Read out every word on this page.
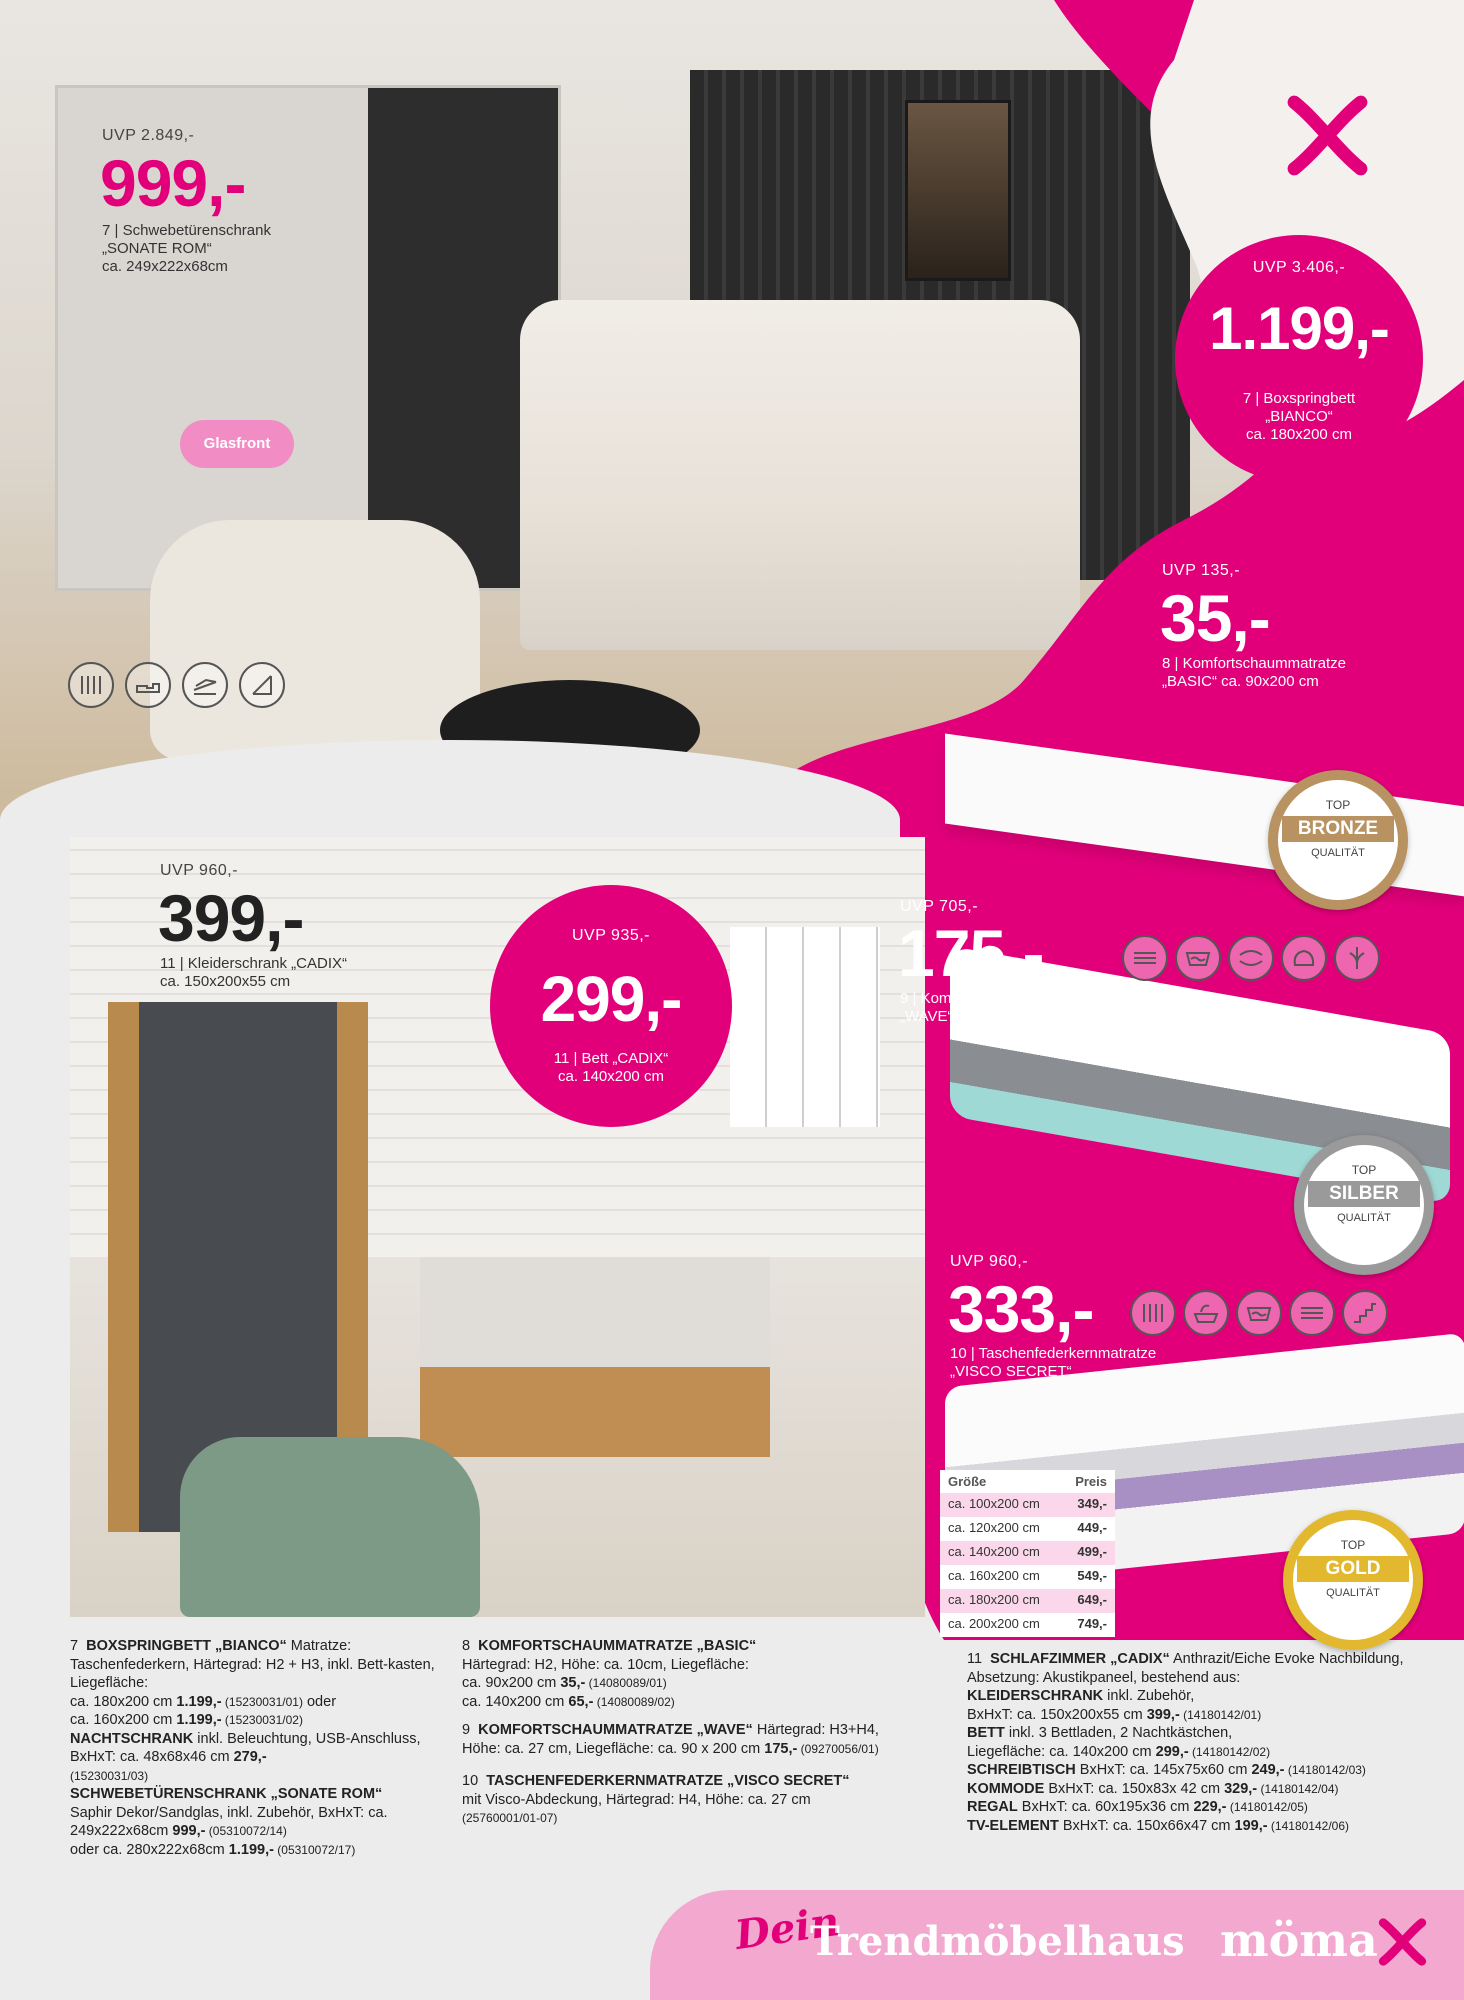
UVP 2.849,-
999,-
7 | Schwebetürenschrank
„SONATE ROM“
ca. 249x222x68cm
Glasfront
UVP 3.406,-
1.199,-
7 | Boxspringbett
„BIANCO“
ca. 180x200 cm
UVP 135,-
35,-
8 | Komfortschaummatratze
„BASIC“ ca. 90x200 cm
UVP 960,-
399,-
11 | Kleiderschrank „CADIX“
ca. 150x200x55 cm
UVP 935,-
299,-
11 | Bett „CADIX“
ca. 140x200 cm
TOP
BRONZE
QUALITÄT
UVP 705,-
175,-
9 | Komfortschaummatratze
„WAVE“ ca. 90x200 cm
TOP
SILBER
QUALITÄT
UVP 960,-
333,-
10 | Taschenfederkernmatratze
„VISCO SECRET“
Größe	Preis
ca. 100x200 cm	349,-
ca. 120x200 cm	449,-
ca. 140x200 cm	499,-
ca. 160x200 cm	549,-
ca. 180x200 cm	649,-
ca. 200x200 cm	749,-
TOP
GOLD
QUALITÄT
7 BOXSPRINGBETT „BIANCO“ Matratze: Taschenfederkern, Härtegrad: H2 + H3, inkl. Bett-kasten, Liegefläche:
ca. 180x200 cm 1.199,- (15230031/01) oder
ca. 160x200 cm 1.199,- (15230031/02)
NACHTSCHRANK inkl. Beleuchtung, USB-Anschluss, BxHxT: ca. 48x68x46 cm 279,-
(15230031/03)
SCHWEBETÜRENSCHRANK „SONATE ROM“
Saphir Dekor/Sandglas, inkl. Zubehör, BxHxT: ca.
249x222x68cm 999,- (05310072/14)
oder ca. 280x222x68cm 1.199,- (05310072/17)
8 KOMFORTSCHAUMMATRATZE „BASIC“
Härtegrad: H2, Höhe: ca. 10cm, Liegefläche:
ca. 90x200 cm 35,- (14080089/01)
ca. 140x200 cm 65,- (14080089/02)
9 KOMFORTSCHAUMMATRATZE „WAVE“ Härtegrad: H3+H4, Höhe: ca. 27 cm, Liegefläche: ca. 90 x 200 cm 175,- (09270056/01)
10 TASCHENFEDERKERNMATRATZE „VISCO SECRET“
mit Visco-Abdeckung, Härtegrad: H4, Höhe: ca. 27 cm
(25760001/01-07)
11 SCHLAFZIMMER „CADIX“ Anthrazit/Eiche Evoke Nachbildung, Absetzung: Akustikpaneel, bestehend aus:
KLEIDERSCHRANK inkl. Zubehör,
BxHxT: ca. 150x200x55 cm 399,- (14180142/01)
BETT inkl. 3 Bettladen, 2 Nachtkästchen,
Liegefläche: ca. 140x200 cm 299,- (14180142/02)
SCHREIBTISCH BxHxT: ca. 145x75x60 cm 249,- (14180142/03)
KOMMODE BxHxT: ca. 150x83x 42 cm 329,- (14180142/04)
REGAL BxHxT: ca. 60x195x36 cm 229,- (14180142/05)
TV-ELEMENT BxHxT: ca. 150x66x47 cm 199,- (14180142/06)
Dein
Trendmöbelhaus möma
